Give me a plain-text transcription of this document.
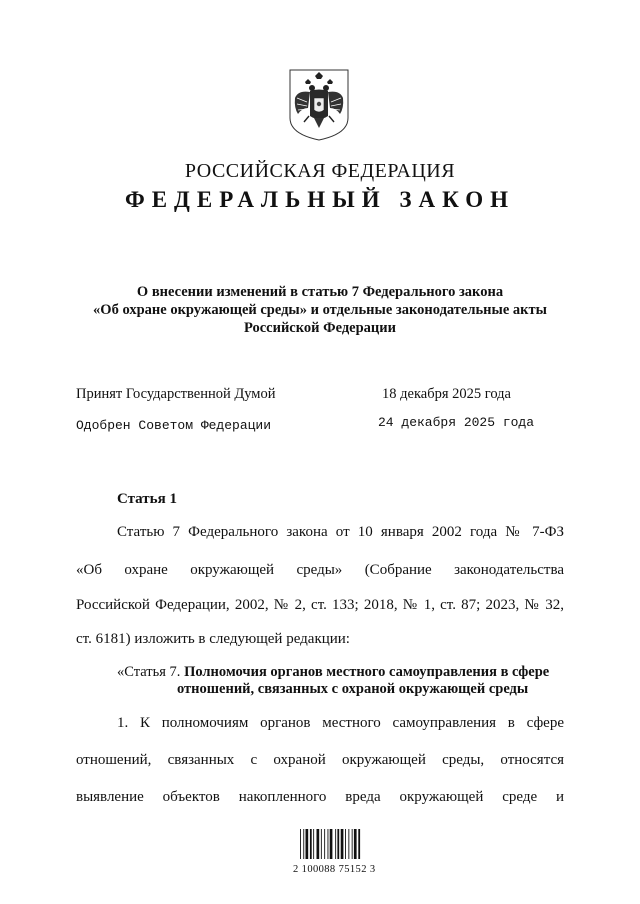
РОССИЙСКАЯ ФЕДЕРАЦИЯ
ФЕДЕРАЛЬНЫЙ ЗАКОН
О внесении изменений в статью 7 Федерального закона
«Об охране окружающей среды» и отдельные законодательные акты
Российской Федерации
Принят Государственной Думой	18 декабря 2025 года
Одобрен Советом Федерации	24 декабря 2025 года
Статья 1
Статью 7 Федерального закона от 10 января 2002 года № 7-ФЗ
«Об охране окружающей среды» (Собрание законодательства
Российской Федерации, 2002, № 2, ст. 133; 2018, № 1, ст. 87; 2023, № 32,
ст. 6181) изложить в следующей редакции:
«Статья 7. Полномочия органов местного самоуправления в сфере
отношений, связанных с охраной окружающей среды
1. К полномочиям органов местного самоуправления в сфере
отношений, связанных с охраной окружающей среды, относятся
выявление объектов накопленного вреда окружающей среде и
2 100088 75152 3
